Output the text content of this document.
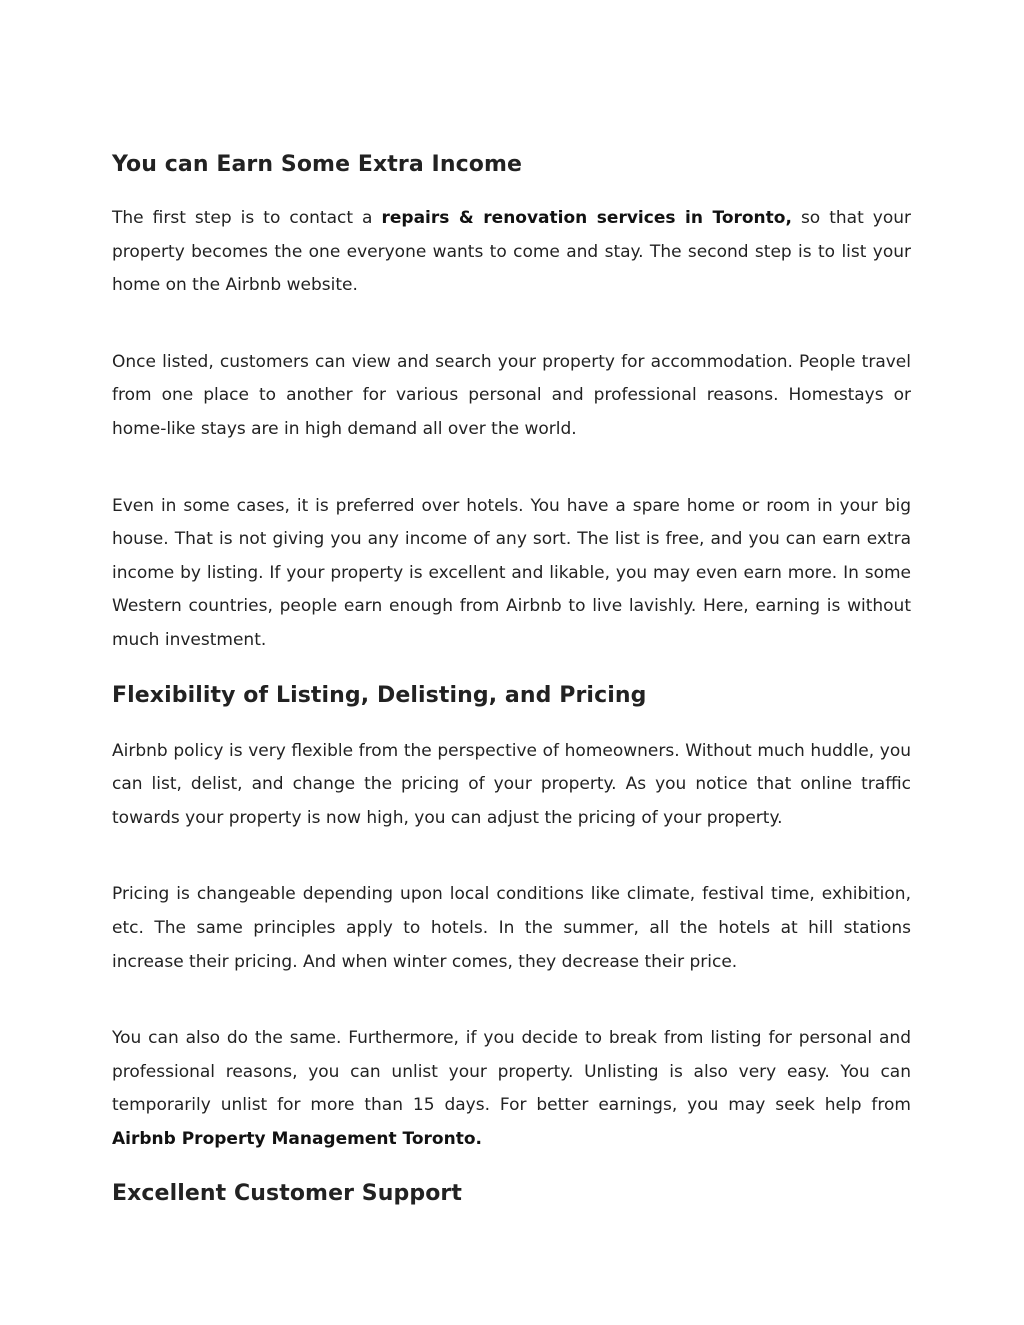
You can Earn Some Extra Income

The first step is to contact a repairs & renovation services in Toronto, so that your property becomes the one everyone wants to come and stay. The second step is to list your home on the Airbnb website.

Once listed, customers can view and search your property for accommodation. People travel from one place to another for various personal and professional reasons. Homestays or home-like stays are in high demand all over the world.

Even in some cases, it is preferred over hotels. You have a spare home or room in your big house. That is not giving you any income of any sort. The list is free, and you can earn extra income by listing. If your property is excellent and likable, you may even earn more. In some Western countries, people earn enough from Airbnb to live lavishly. Here, earning is without much investment.

Flexibility of Listing, Delisting, and Pricing

Airbnb policy is very flexible from the perspective of homeowners. Without much huddle, you can list, delist, and change the pricing of your property. As you notice that online traffic towards your property is now high, you can adjust the pricing of your property.

Pricing is changeable depending upon local conditions like climate, festival time, exhibition, etc. The same principles apply to hotels. In the summer, all the hotels at hill stations increase their pricing. And when winter comes, they decrease their price.

You can also do the same. Furthermore, if you decide to break from listing for personal and professional reasons, you can unlist your property. Unlisting is also very easy. You can temporarily unlist for more than 15 days. For better earnings, you may seek help from Airbnb Property Management Toronto.

Excellent Customer Support
